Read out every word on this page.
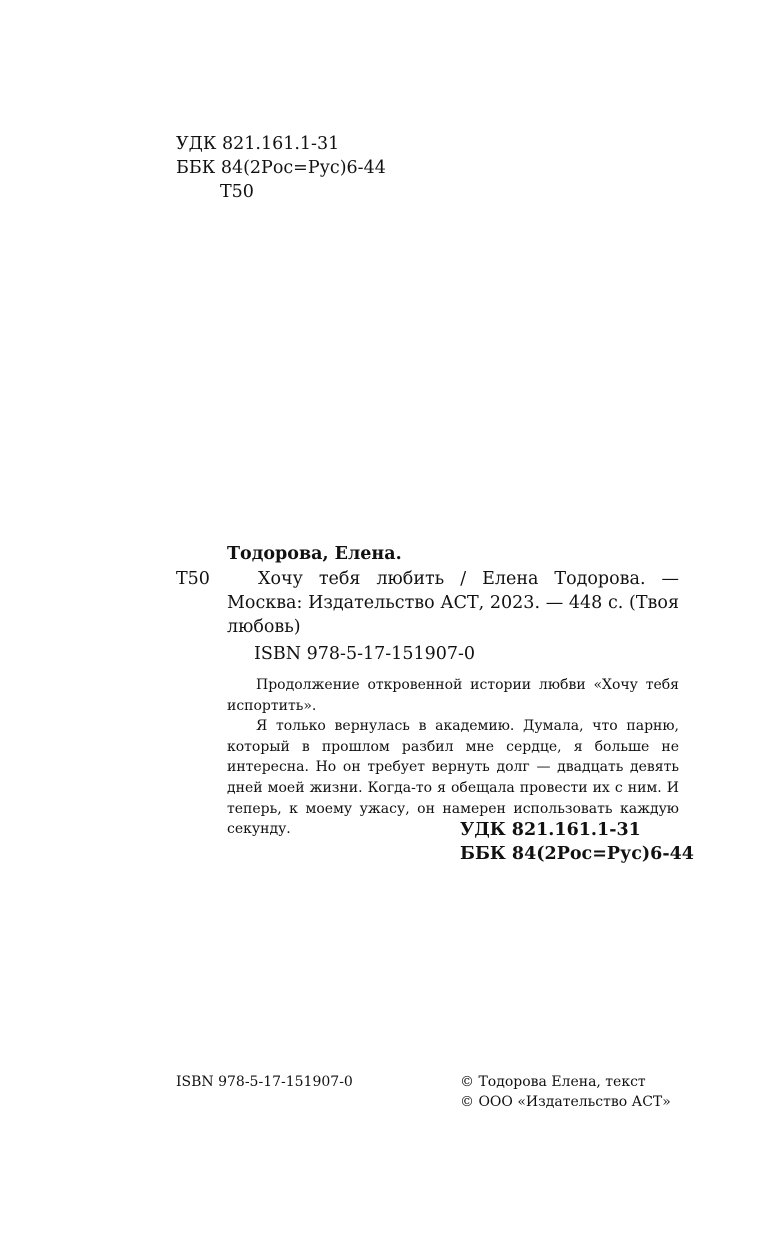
УДК 821.161.1-31
ББК 84(2Рос=Рус)6-44
Т50
Тодорова, Елена.
Т50	Хочу тебя любить / Елена Тодорова. — Москва: Издательство АСТ, 2023. — 448 с. (Твоя любовь)
ISBN 978-5-17-151907-0

Продолжение откровенной истории любви «Хочу тебя испортить».

Я только вернулась в академию. Думала, что парню, который в прошлом разбил мне сердце, я больше не интересна. Но он требует вернуть долг — двадцать девять дней моей жизни. Когда-то я обещала провести их с ним. И теперь, к моему ужасу, он намерен использовать каждую секунду.	УДК 821.161.1-31
ББК 84(2Рос=Рус)6-44
ISBN 978-5-17-151907-0	© Тодорова Елена, текст
© ООО «Издательство АСТ»
